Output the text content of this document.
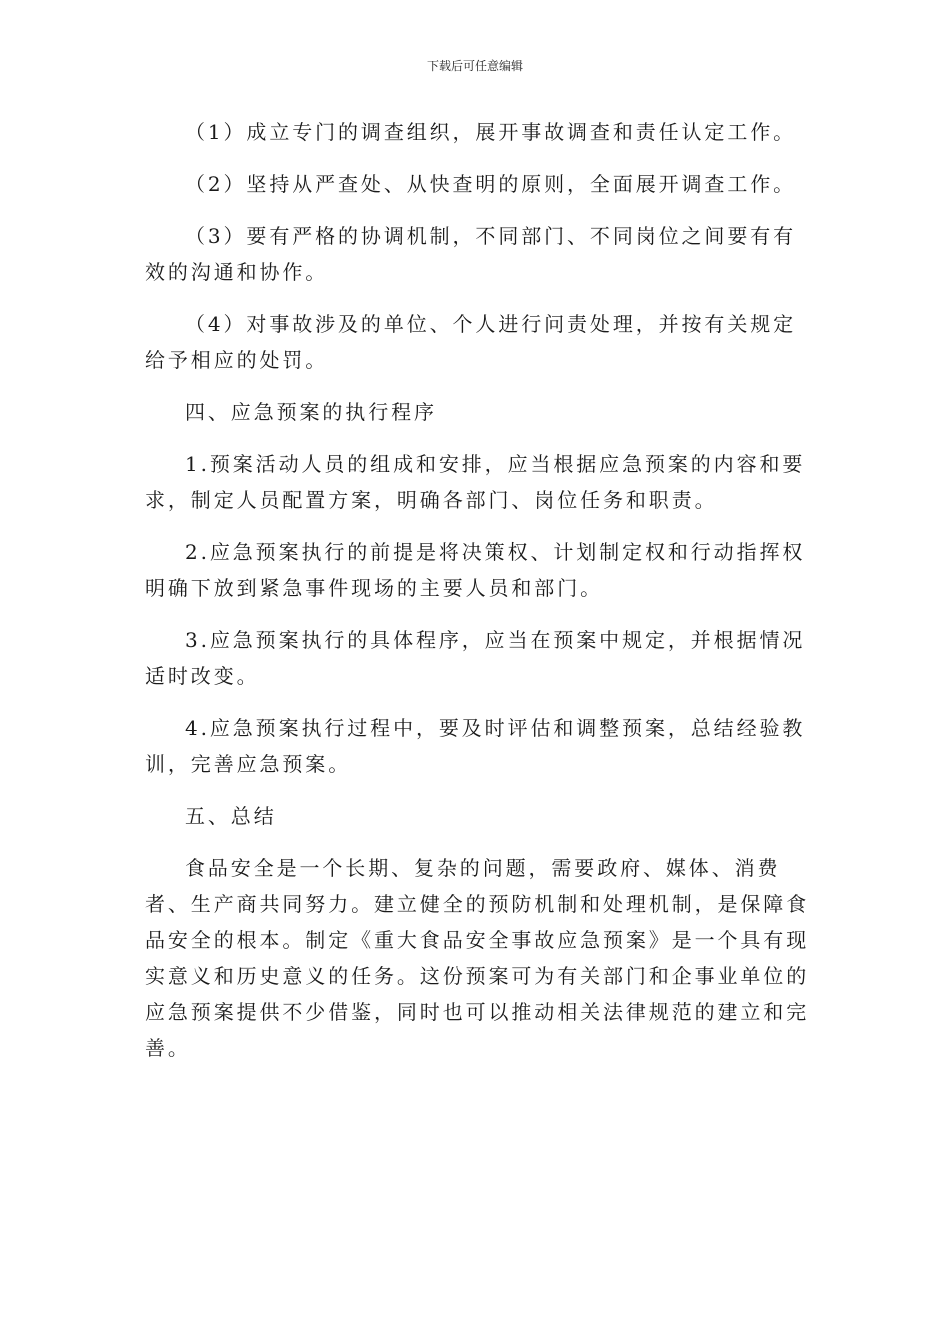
下载后可任意编辑

（1）成立专门的调查组织，展开事故调查和责任认定工作。

（2）坚持从严查处、从快查明的原则，全面展开调查工作。

（3）要有严格的协调机制，不同部门、不同岗位之间要有有效的沟通和协作。

（4）对事故涉及的单位、个人进行问责处理，并按有关规定给予相应的处罚。

四、应急预案的执行程序

1.预案活动人员的组成和安排，应当根据应急预案的内容和要求，制定人员配置方案，明确各部门、岗位任务和职责。

2.应急预案执行的前提是将决策权、计划制定权和行动指挥权明确下放到紧急事件现场的主要人员和部门。

3.应急预案执行的具体程序，应当在预案中规定，并根据情况适时改变。

4.应急预案执行过程中，要及时评估和调整预案，总结经验教训，完善应急预案。

五、总结

食品安全是一个长期、复杂的问题，需要政府、媒体、消费者、生产商共同努力。建立健全的预防机制和处理机制，是保障食品安全的根本。制定《重大食品安全事故应急预案》是一个具有现实意义和历史意义的任务。这份预案可为有关部门和企事业单位的应急预案提供不少借鉴，同时也可以推动相关法律规范的建立和完善。
